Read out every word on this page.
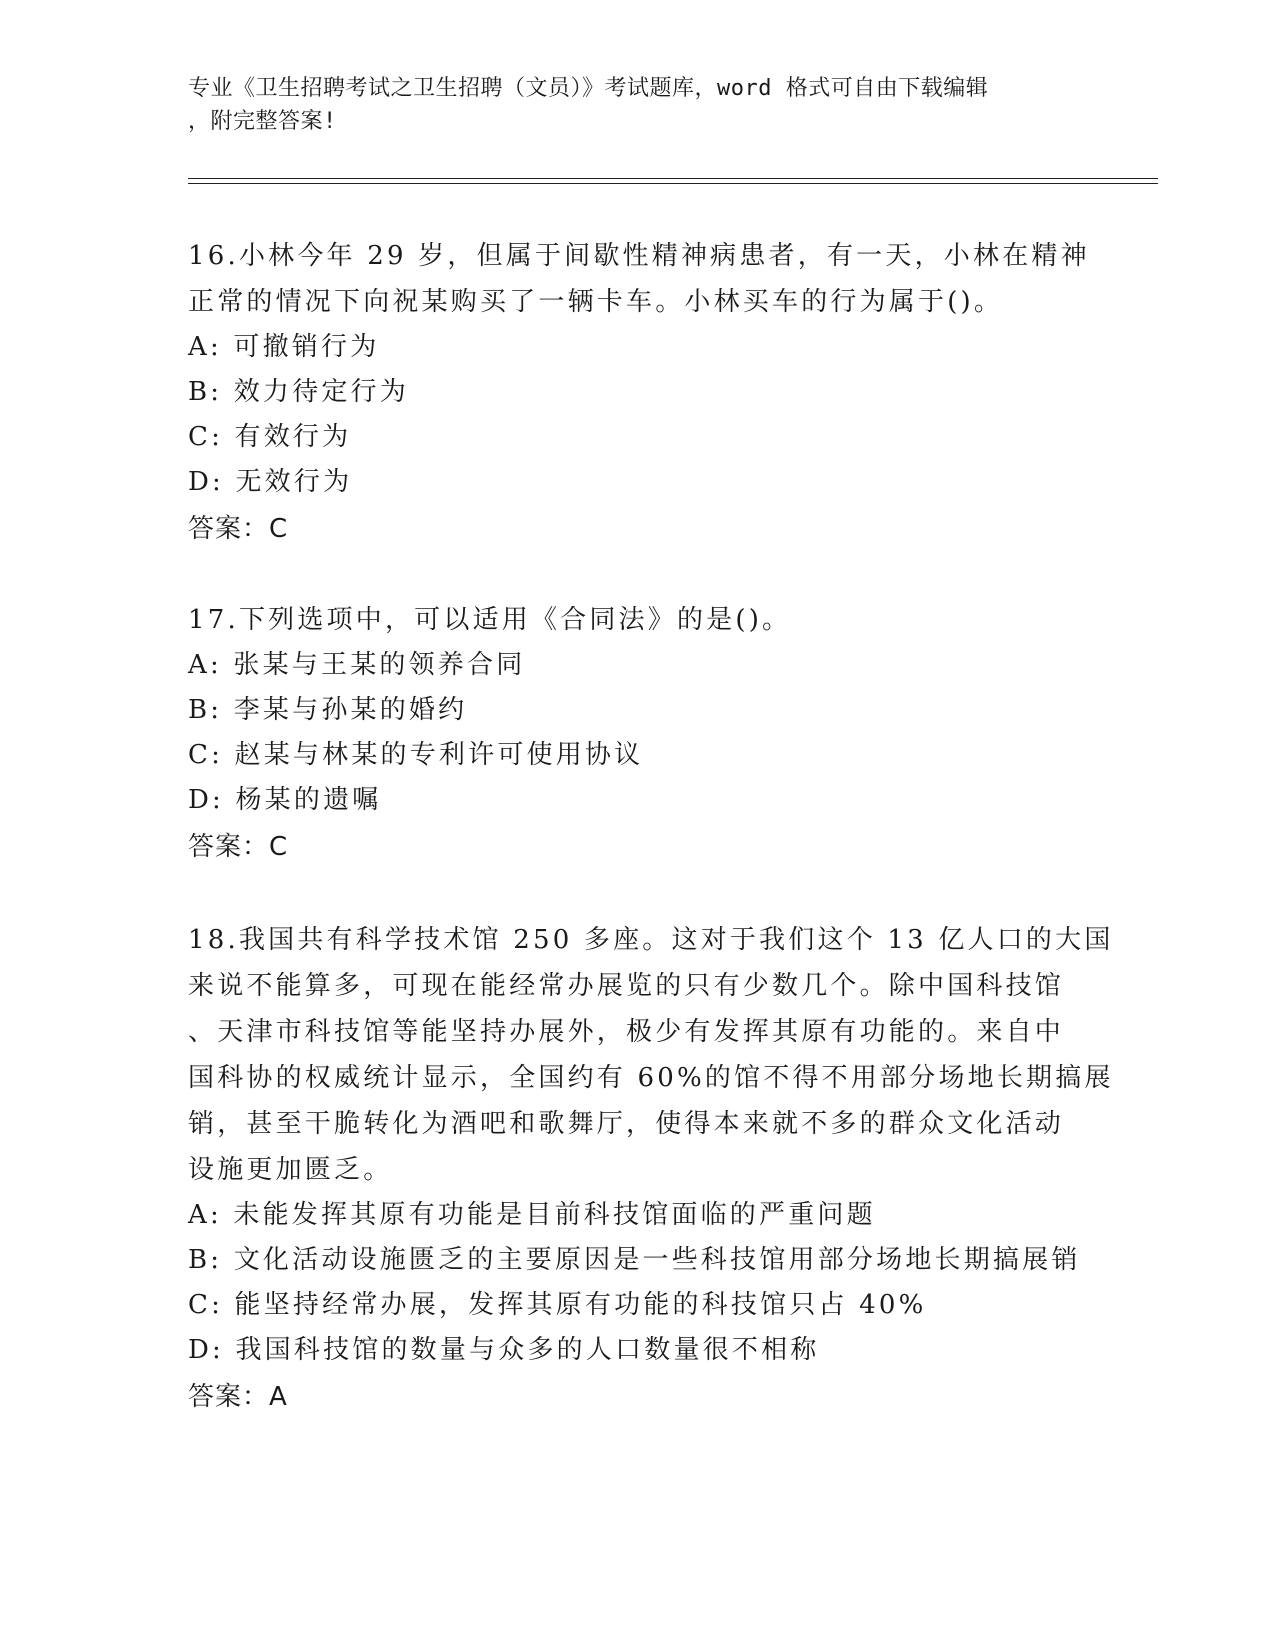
专业《卫生招聘考试之卫生招聘（文员）》考试题库，word 格式可自由下载编辑
，附完整答案!
16.小林今年 29 岁，但属于间歇性精神病患者，有一天，小林在精神
正常的情况下向祝某购买了一辆卡车。小林买车的行为属于()。
A: 可撤销行为
B: 效力待定行为
C: 有效行为
D: 无效行为
答案：C
17.下列选项中，可以适用《合同法》的是()。
A: 张某与王某的领养合同
B: 李某与孙某的婚约
C: 赵某与林某的专利许可使用协议
D: 杨某的遗嘱
答案：C
18.我国共有科学技术馆 250 多座。这对于我们这个 13 亿人口的大国
来说不能算多，可现在能经常办展览的只有少数几个。除中国科技馆
、天津市科技馆等能坚持办展外，极少有发挥其原有功能的。来自中
国科协的权威统计显示，全国约有 60%的馆不得不用部分场地长期搞展
销，甚至干脆转化为酒吧和歌舞厅，使得本来就不多的群众文化活动
设施更加匮乏。
A: 未能发挥其原有功能是目前科技馆面临的严重问题
B: 文化活动设施匮乏的主要原因是一些科技馆用部分场地长期搞展销
C: 能坚持经常办展，发挥其原有功能的科技馆只占 40%
D: 我国科技馆的数量与众多的人口数量很不相称
答案：A
